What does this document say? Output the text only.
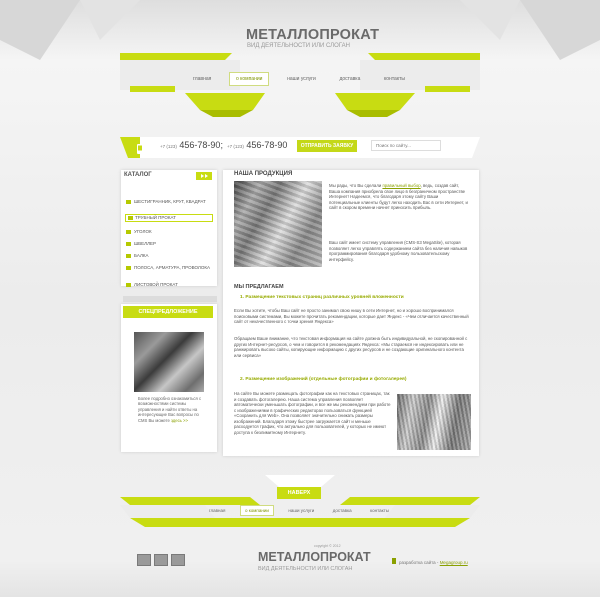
МЕТАЛЛОПРОКАТ
ВИД ДЕЯТЕЛЬНОСТИ ИЛИ СЛОГАН
главная	о компании	наши услуги	доставка	контакты
+7 (123) 456-78-90; +7 (123) 456-78-90	ОТПРАВИТЬ ЗАЯВКУ
Поиск по сайту...
КАТАЛОГ
ШЕСТИГРАННИК, КРУГ, КВАДРАТ
ТРУБНЫЙ ПРОКАТ
УГОЛОК
ШВЕЛЛЕР
БАЛКА
ПОЛОСА, АРМАТУРА, ПРОВОЛОКА
ЛИСТОВОЙ ПРОКАТ
СПЕЦПРЕДЛОЖЕНИЕ
Более подробно ознакомиться с возможностями системы управления и найти ответы на интересующие Вас вопросы по CMS Вы можете здесь >>
НАША ПРОДУКЦИЯ
Мы рады, что Вы сделали правильный выбор, ведь, создав сайт, Ваша компания приобрела свое лицо в безграничном пространстве Интернет! Надеемся, что благодаря этому сайту Ваши потенциальные клиенты будут легко находить Вас в сети Интернет, и сайт в скором времени начнет приносить прибыль.
Ваш сайт имеет систему управления (CMS-S3 MegaSite), которая позволяет легко управлять содержанием сайта без наличия навыков программирования благодаря удобному пользовательскому интерфейсу.
МЫ ПРЕДЛАГАЕМ
1. Размещение текстовых страниц различных уровней вложенности
Если Вы хотите, чтобы Ваш сайт не просто занимал свою нишу в сети Интернет, но и хорошо воспринимался поисковыми системами, Вы можете прочитать рекомендации, которые дает Яндекс - «Чем отличается качественный сайт от некачественного с точки зрения Яндекса»
Обращаем Ваше внимание, что текстовая информация на сайте должна быть индивидуальной, не скопированной с других Интернет-ресурсов, о чем и говорится в рекомендациях Яндекса: «Мы стараемся не индексировать или не ранжировать высоко сайты, копирующие информацию с других ресурсов и не создающие оригинального контента или сервиса»
2. Размещение изображений (отдельные фотографии и фотогалерея)
На сайте Вы можете размещать фотографии как на текстовых страницах, так и создавать фотогалерею. Наша система управления позволяет автоматически уменьшать фотографии, и все же мы рекомендуем при работе с изображениями в графических редакторах пользоваться функцией «Сохранить для Web». Она позволяет значительно снижать размеры изображений. Благодаря этому быстрее загружается сайт и меньше расходуется трафик, что актуально для пользователей, у которых не имеют доступа к безлимитному Интернету.
НАВЕРХ
главная	о компании	наши услуги	доставка	контакты
copyright © 2012
МЕТАЛЛОПРОКАТ
ВИД ДЕЯТЕЛЬНОСТИ ИЛИ СЛОГАН
разработка сайта - Megagroup.ru
